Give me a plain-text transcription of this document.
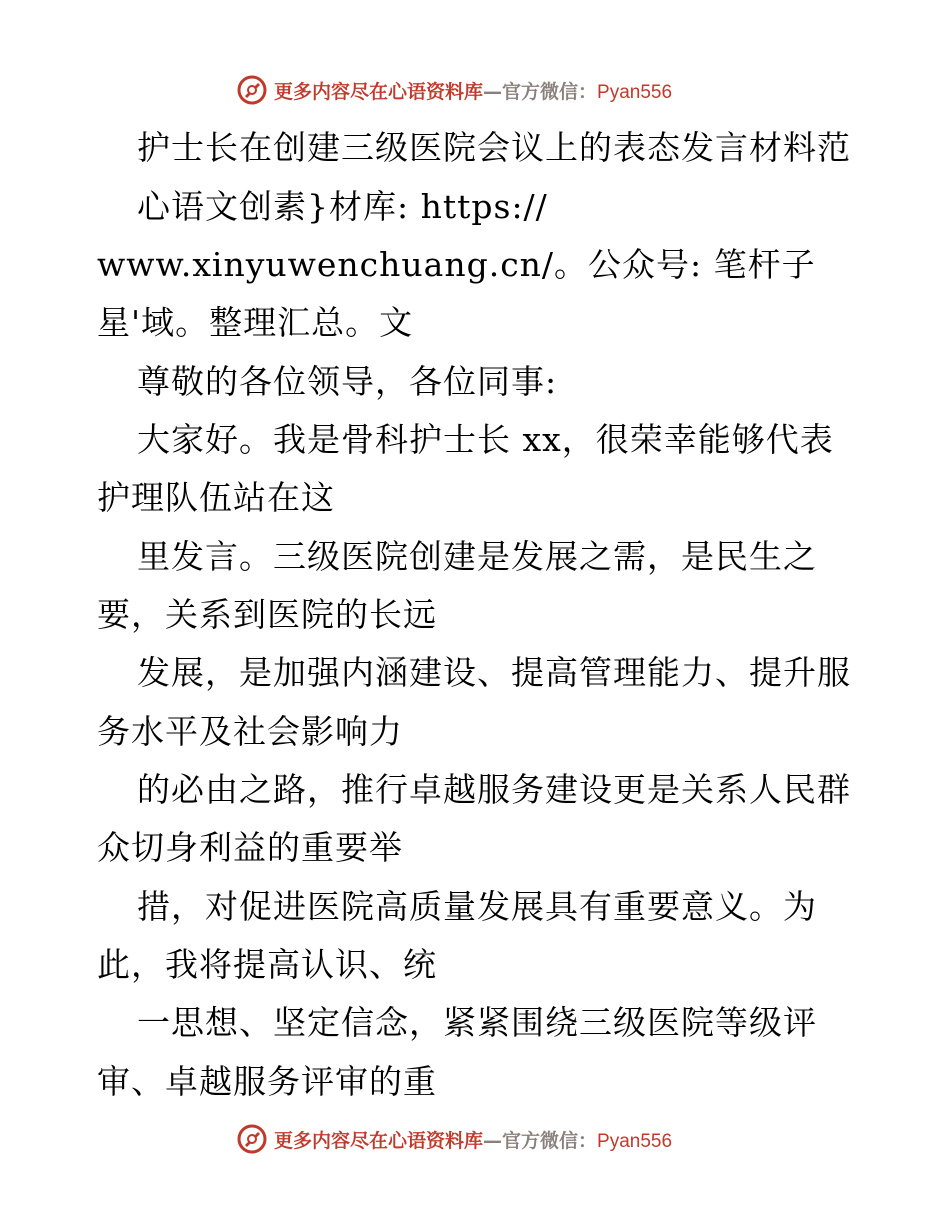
更多内容尽在心语资料库—官方微信：Pyan556
护士长在创建三级医院会议上的表态发言材料范
心语文创素}材库: https://
www.xinyuwenchuang.cn/。公众号: 笔杆子
星'域。整理汇总。文
尊敬的各位领导，各位同事:
大家好。我是骨科护士长 xx，很荣幸能够代表
护理队伍站在这
里发言。三级医院创建是发展之需，是民生之
要，关系到医院的长远
发展，是加强内涵建设、提高管理能力、提升服
务水平及社会影响力
的必由之路，推行卓越服务建设更是关系人民群
众切身利益的重要举
措，对促进医院高质量发展具有重要意义。为
此，我将提高认识、统
一思想、坚定信念，紧紧围绕三级医院等级评
审、卓越服务评审的重
更多内容尽在心语资料库—官方微信：Pyan556
